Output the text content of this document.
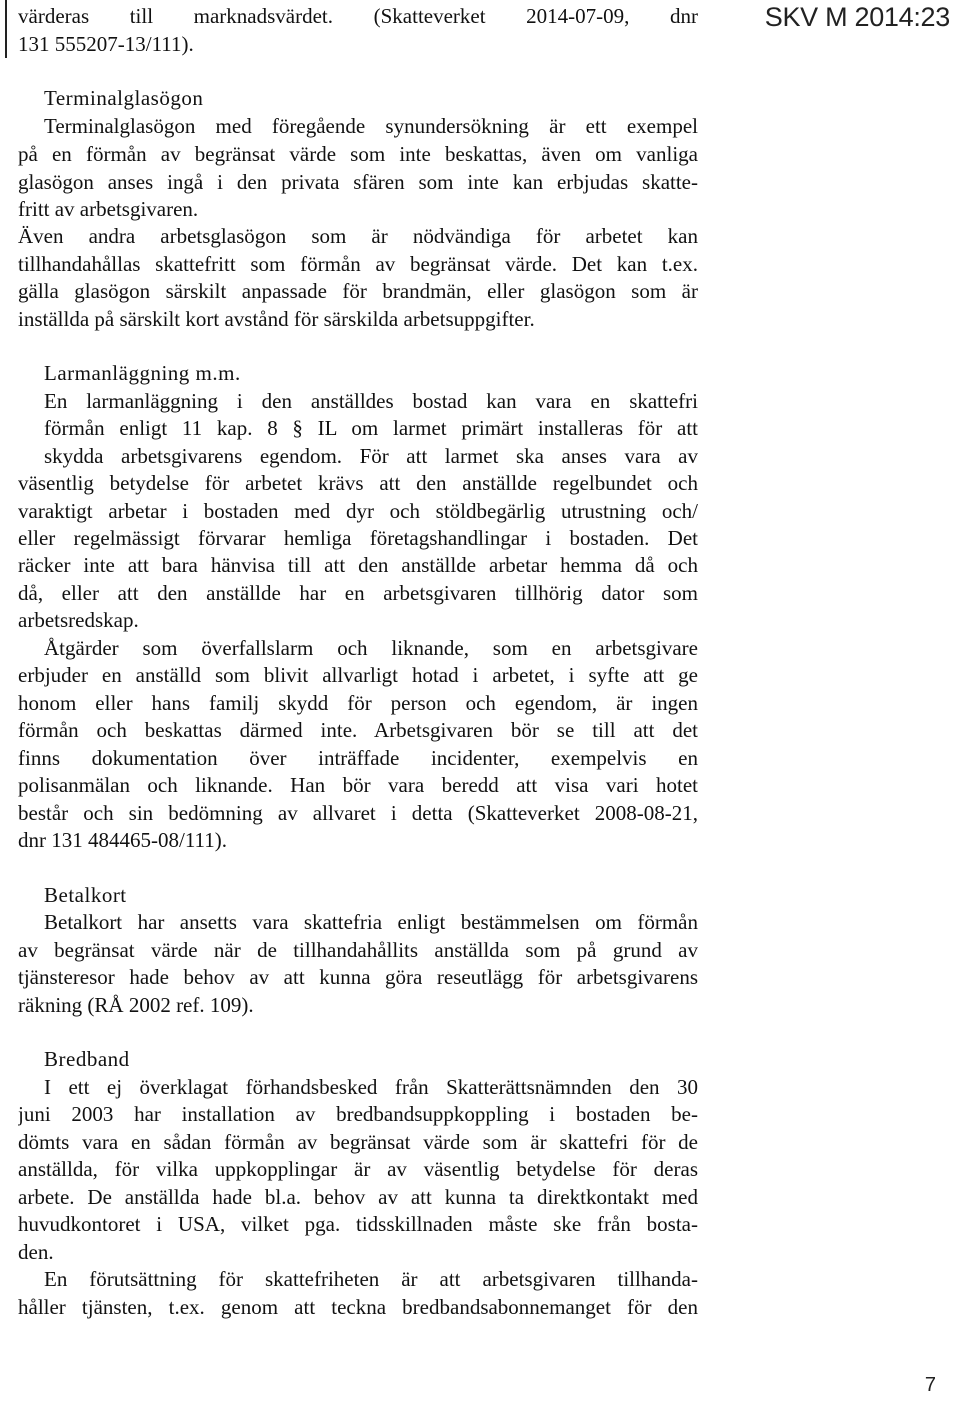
SKV M 2014:23
värderas till marknadsvärdet. (Skatteverket 2014-07-09, dnr
131 555207-13/111).
Terminalglasögon
Terminalglasögon med föregående synundersökning är ett exempel
på en förmån av begränsat värde som inte beskattas, även om vanliga
glasögon anses ingå i den privata sfären som inte kan erbjudas skatte-
fritt av arbetsgivaren.
Även andra arbetsglasögon som är nödvändiga för arbetet kan
tillhandahållas skattefritt som förmån av begränsat värde. Det kan t.ex.
gälla glasögon särskilt anpassade för brandmän, eller glasögon som är
inställda på särskilt kort avstånd för särskilda arbetsuppgifter.
Larmanläggning m.m.
En larmanläggning i den anställdes bostad kan vara en skattefri
förmån enligt 11 kap. 8 § IL om larmet primärt installeras för att
skydda arbetsgivarens egendom. För att larmet ska anses vara av
väsentlig betydelse för arbetet krävs att den anställde regelbundet och
varaktigt arbetar i bostaden med dyr och stöldbegärlig utrustning och/
eller regelmässigt förvarar hemliga företagshandlingar i bostaden. Det
räcker inte att bara hänvisa till att den anställde arbetar hemma då och
då, eller att den anställde har en arbetsgivaren tillhörig dator som
arbetsredskap.
Åtgärder som överfallslarm och liknande, som en arbetsgivare
erbjuder en anställd som blivit allvarligt hotad i arbetet, i syfte att ge
honom eller hans familj skydd för person och egendom, är ingen
förmån och beskattas därmed inte. Arbetsgivaren bör se till att det
finns dokumentation över inträffade incidenter, exempelvis en
polisanmälan och liknande. Han bör vara beredd att visa vari hotet
består och sin bedömning av allvaret i detta (Skatteverket 2008-08-21,
dnr 131 484465-08/111).
Betalkort
Betalkort har ansetts vara skattefria enligt bestämmelsen om förmån
av begränsat värde när de tillhandahållits anställda som på grund av
tjänsteresor hade behov av att kunna göra reseutlägg för arbetsgivarens
räkning (RÅ 2002 ref. 109).
Bredband
I ett ej överklagat förhandsbesked från Skatterättsnämnden den 30
juni 2003 har installation av bredbandsuppkoppling i bostaden be-
dömts vara en sådan förmån av begränsat värde som är skattefri för de
anställda, för vilka uppkopplingar är av väsentlig betydelse för deras
arbete. De anställda hade bl.a. behov av att kunna ta direktkontakt med
huvudkontoret i USA, vilket pga. tidsskillnaden måste ske från bosta-
den.
En förutsättning för skattefriheten är att arbetsgivaren tillhanda-
håller tjänsten, t.ex. genom att teckna bredbandsabonnemanget för den
7
